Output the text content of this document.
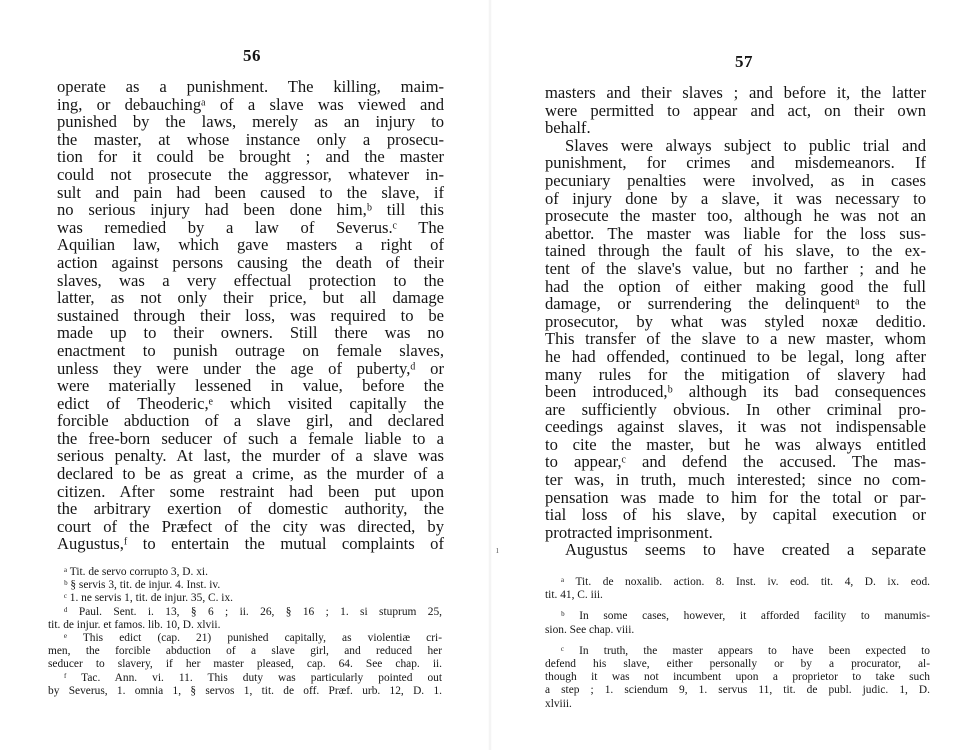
56
operate as a punishment. The killing, maim-
ing, or debauchingᵃ of a slave was viewed and
punished by the laws, merely as an injury to
the master, at whose instance only a prosecu-
tion for it could be brought ; and the master
could not prosecute the aggressor, whatever in-
sult and pain had been caused to the slave, if
no serious injury had been done him,ᵇ till this
was remedied by a law of Severus.ᶜ The
Aquilian law, which gave masters a right of
action against persons causing the death of their
slaves, was a very effectual protection to the
latter, as not only their price, but all damage
sustained through their loss, was required to be
made up to their owners. Still there was no
enactment to punish outrage on female slaves,
unless they were under the age of puberty,ᵈ or
were materially lessened in value, before the
edict of Theoderic,ᵉ which visited capitally the
forcible abduction of a slave girl, and declared
the free-born seducer of such a female liable to a
serious penalty. At last, the murder of a slave was
declared to be as great a crime, as the murder of a
citizen. After some restraint had been put upon
the arbitrary exertion of domestic authority, the
court of the Præfect of the city was directed, by
Augustus,ᶠ to entertain the mutual complaints of
ᵃ Tit. de servo corrupto 3, D. xi.
ᵇ § servis 3, tit. de injur. 4. Inst. iv.
ᶜ 1. ne servis 1, tit. de injur. 35, C. ix.
ᵈ Paul. Sent. i. 13, § 6 ; ii. 26, § 16 ; 1. si stuprum 25,
tit. de injur. et famos. lib. 10, D. xlvii.
ᵉ This edict (cap. 21) punished capitally, as violentiæ cri-
men, the forcible abduction of a slave girl, and reduced her
seducer to slavery, if her master pleased, cap. 64. See chap. ii.
ᶠ Tac. Ann. vi. 11. This duty was particularly pointed out
by Severus, 1. omnia 1, § servos 1, tit. de off. Præf. urb. 12, D. 1.
ı
57
masters and their slaves ; and before it, the latter
were permitted to appear and act, on their own
behalf.
Slaves were always subject to public trial and
punishment, for crimes and misdemeanors. If
pecuniary penalties were involved, as in cases
of injury done by a slave, it was necessary to
prosecute the master too, although he was not an
abettor. The master was liable for the loss sus-
tained through the fault of his slave, to the ex-
tent of the slave's value, but no farther ; and he
had the option of either making good the full
damage, or surrendering the delinquentᵃ to the
prosecutor, by what was styled noxæ deditio.
This transfer of the slave to a new master, whom
he had offended, continued to be legal, long after
many rules for the mitigation of slavery had
been introduced,ᵇ although its bad consequences
are sufficiently obvious. In other criminal pro-
ceedings against slaves, it was not indispensable
to cite the master, but he was always entitled
to appear,ᶜ and defend the accused. The mas-
ter was, in truth, much interested; since no com-
pensation was made to him for the total or par-
tial loss of his slave, by capital execution or
protracted imprisonment.
Augustus seems to have created a separate
ᵃ Tit. de noxalib. action. 8. Inst. iv. eod. tit. 4, D. ix. eod.
tit. 41, C. iii.
ᵇ In some cases, however, it afforded facility to manumis-
sion. See chap. viii.
ᶜ In truth, the master appears to have been expected to
defend his slave, either personally or by a procurator, al-
though it was not incumbent upon a proprietor to take such
a step ; 1. sciendum 9, 1. servus 11, tit. de publ. judic. 1, D.
xlviii.
